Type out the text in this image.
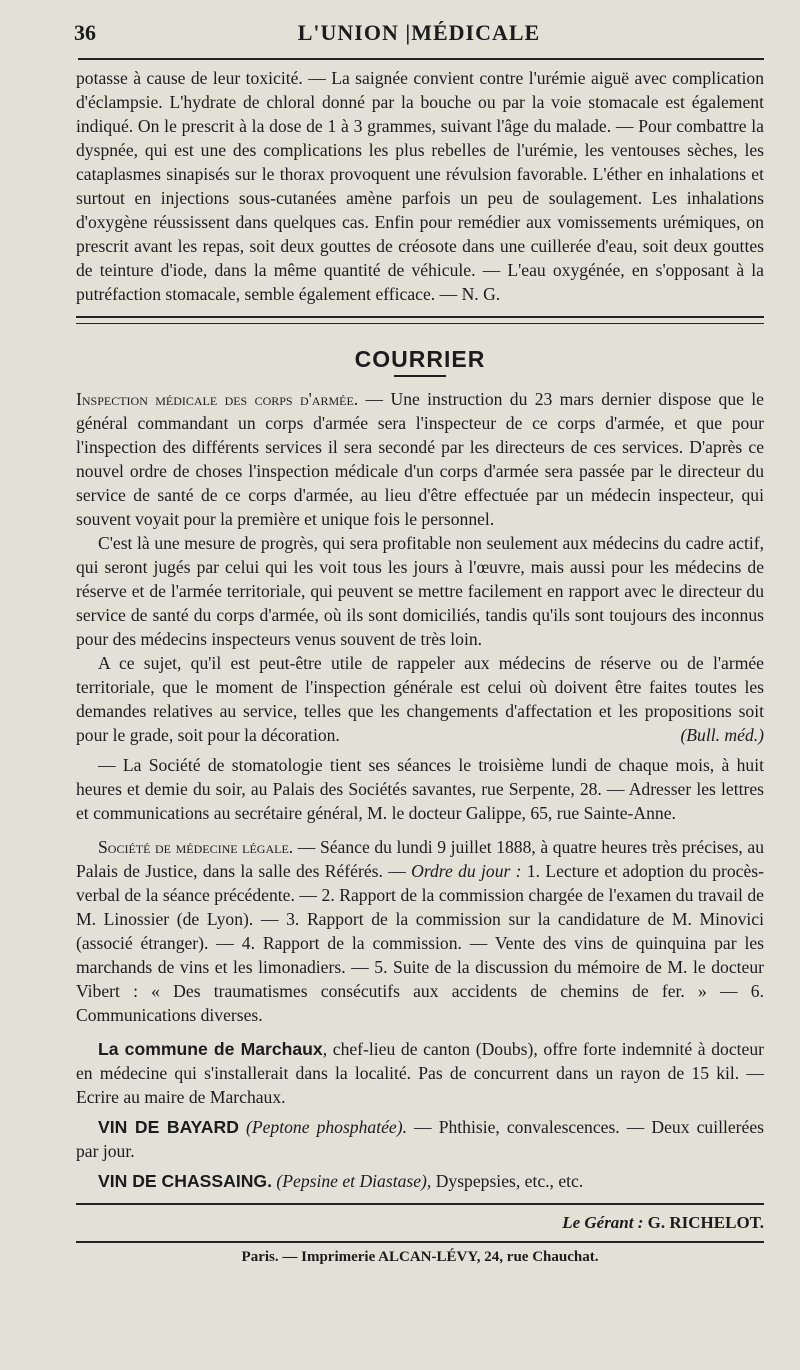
36	L'UNION |MÉDICALE

potasse à cause de leur toxicité. — La saignée convient contre l'urémie aiguë avec complication d'éclampsie. L'hydrate de chloral donné par la bouche ou par la voie stomacale est également indiqué. On le prescrit à la dose de 1 à 3 grammes, suivant l'âge du malade. — Pour combattre la dyspnée, qui est une des complications les plus rebelles de l'urémie, les ventouses sèches, les cataplasmes sinapisés sur le thorax provoquent une révulsion favorable. L'éther en inhalations et surtout en injections sous-cutanées amène parfois un peu de soulagement. Les inhalations d'oxygène réussissent dans quelques cas. Enfin pour remédier aux vomissements urémiques, on prescrit avant les repas, soit deux gouttes de créosote dans une cuillerée d'eau, soit deux gouttes de teinture d'iode, dans la même quantité de véhicule. — L'eau oxygénée, en s'opposant à la putréfaction stomacale, semble également efficace. — N. G.

COURRIER

Inspection médicale des corps d'armée. — Une instruction du 23 mars dernier dispose que le général commandant un corps d'armée sera l'inspecteur de ce corps d'armée, et que pour l'inspection des différents services il sera secondé par les directeurs de ces services. D'après ce nouvel ordre de choses l'inspection médicale d'un corps d'armée sera passée par le directeur du service de santé de ce corps d'armée, au lieu d'être effectuée par un médecin inspecteur, qui souvent voyait pour la première et unique fois le personnel.

C'est là une mesure de progrès, qui sera profitable non seulement aux médecins du cadre actif, qui seront jugés par celui qui les voit tous les jours à l'œuvre, mais aussi pour les médecins de réserve et de l'armée territoriale, qui peuvent se mettre facilement en rapport avec le directeur du service de santé du corps d'armée, où ils sont domiciliés, tandis qu'ils sont toujours des inconnus pour des médecins inspecteurs venus souvent de très loin.

A ce sujet, qu'il est peut-être utile de rappeler aux médecins de réserve ou de l'armée territoriale, que le moment de l'inspection générale est celui où doivent être faites toutes les demandes relatives au service, telles que les changements d'affectation et les propositions soit pour le grade, soit pour la décoration.	(Bull. méd.)

— La Société de stomatologie tient ses séances le troisième lundi de chaque mois, à huit heures et demie du soir, au Palais des Sociétés savantes, rue Serpente, 28. — Adresser les lettres et communications au secrétaire général, M. le docteur Galippe, 65, rue Sainte-Anne.

Société de médecine légale. — Séance du lundi 9 juillet 1888, à quatre heures très précises, au Palais de Justice, dans la salle des Référés. — Ordre du jour : 1. Lecture et adoption du procès-verbal de la séance précédente. — 2. Rapport de la commission chargée de l'examen du travail de M. Linossier (de Lyon). — 3. Rapport de la commission sur la candidature de M. Minovici (associé étranger). — 4. Rapport de la commission. — Vente des vins de quinquina par les marchands de vins et les limonadiers. — 5. Suite de la discussion du mémoire de M. le docteur Vibert : « Des traumatismes consécutifs aux accidents de chemins de fer. » — 6. Communications diverses.

La commune de Marchaux, chef-lieu de canton (Doubs), offre forte indemnité à docteur en médecine qui s'installerait dans la localité. Pas de concurrent dans un rayon de 15 kil. — Ecrire au maire de Marchaux.

VIN DE BAYARD (Peptone phosphatée). — Phthisie, convalescences. — Deux cuillerées par jour.

VIN DE CHASSAING. (Pepsine et Diastase), Dyspepsies, etc., etc.

Le Gérant : G. RICHELOT.
Paris. — Imprimerie ALCAN-LÉVY, 24, rue Chauchat.
